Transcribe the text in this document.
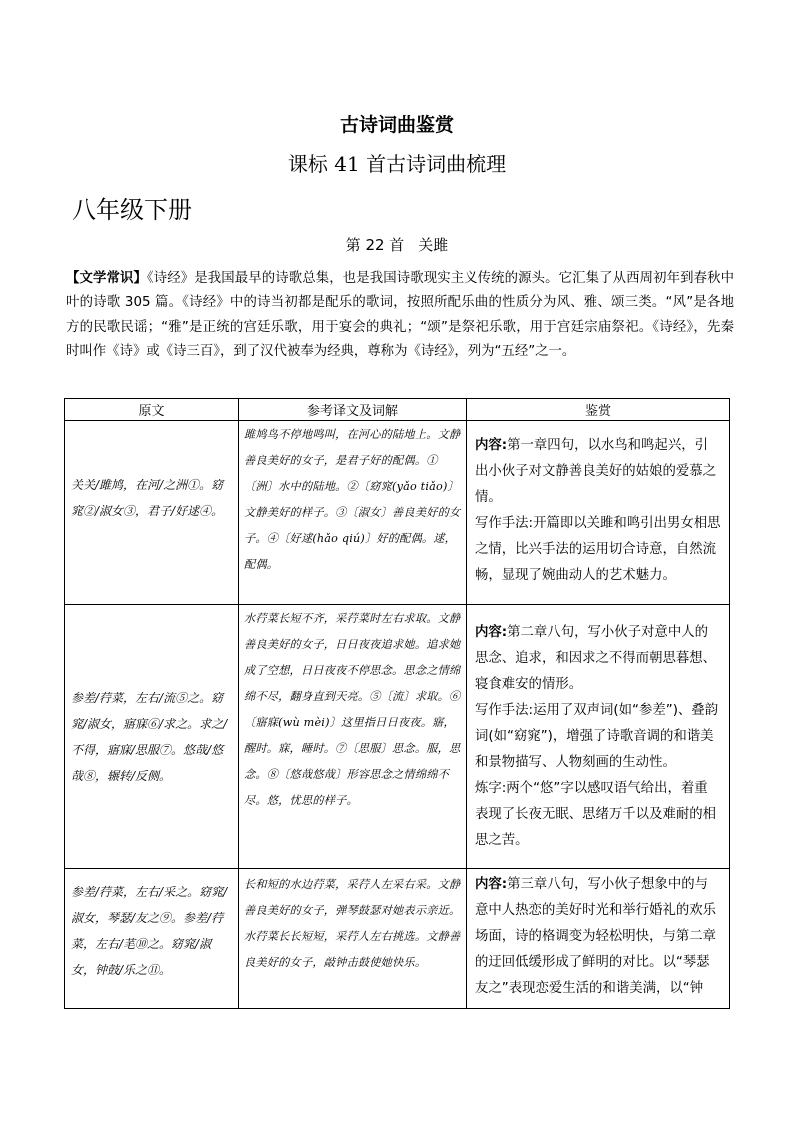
古诗词曲鉴赏
课标 41 首古诗词曲梳理
八年级下册
第 22 首 关雎
【文学常识】《诗经》是我国最早的诗歌总集，也是我国诗歌现实主义传统的源头。它汇集了从西周初年到春秋中叶的诗歌 305 篇。《诗经》中的诗当初都是配乐的歌词，按照所配乐曲的性质分为风、雅、颂三类。“风”是各地方的民歌民谣；“雅”是正统的宫廷乐歌，用于宴会的典礼；“颂”是祭祀乐歌，用于宫廷宗庙祭祀。《诗经》，先秦时叫作《诗》或《诗三百》，到了汉代被奉为经典，尊称为《诗经》，列为“五经”之一。
原文	参考译文及词解	鉴赏

关关/雎鸠，在河/之洲①。窈窕②/淑女③，君子/好逑④。	雎鸠鸟不停地鸣叫，在河心的陆地上。文静善良美好的女子，是君子好的配偶。①〔洲〕水中的陆地。②〔窈窕(yǎo tiǎo)〕文静美好的样子。③〔淑女〕善良美好的女子。④〔好逑(hǎo qiú)〕好的配偶。逑，配偶。	内容:第一章四句，以水鸟和鸣起兴，引出小伙子对文静善良美好的姑娘的爱慕之情。
写作手法:开篇即以关雎和鸣引出男女相思之情，比兴手法的运用切合诗意，自然流畅，显现了婉曲动人的艺术魅力。

参差/荇菜，左右/流⑤之。窈窕/淑女，寤寐⑥/求之。求之/不得，寤寐/思服⑦。悠哉/悠哉⑧，辗转/反侧。	水荇菜长短不齐，采荇菜时左右求取。文静善良美好的女子，日日夜夜追求她。追求她成了空想，日日夜夜不停思念。思念之情绵绵不尽，翻身直到天亮。⑤〔流〕求取。⑥〔寤寐(wù mèi)〕这里指日日夜夜。寤，醒时。寐，睡时。⑦〔思服〕思念。服，思念。⑧〔悠哉悠哉〕形容思念之情绵绵不尽。悠，忧思的样子。	内容:第二章八句，写小伙子对意中人的思念、追求，和因求之不得而朝思暮想、寝食难安的情形。
写作手法:运用了双声词(如“参差”)、叠韵词(如“窈窕”)，增强了诗歌音调的和谐美和景物描写、人物刻画的生动性。
炼字:两个“悠”字以感叹语气给出，着重表现了长夜无眠、思绪万千以及难耐的相思之苦。

参差/荇菜，左右/采之。窈窕/淑女，琴瑟/友之⑨。参差/荇菜，左右/芼⑩之。窈窕/淑女，钟鼓/乐之⑪。	长和短的水边荇菜，采荇人左采右采。文静善良美好的女子，弹琴鼓瑟对她表示亲近。水荇菜长长短短，采荇人左右挑选。文静善良美好的女子，敲钟击鼓使她快乐。	内容:第三章八句，写小伙子想象中的与意中人热恋的美好时光和举行婚礼的欢乐场面，诗的格调变为轻松明快，与第二章的迂回低缓形成了鲜明的对比。以“琴瑟友之”表现恋爱生活的和谐美满，以“钟
